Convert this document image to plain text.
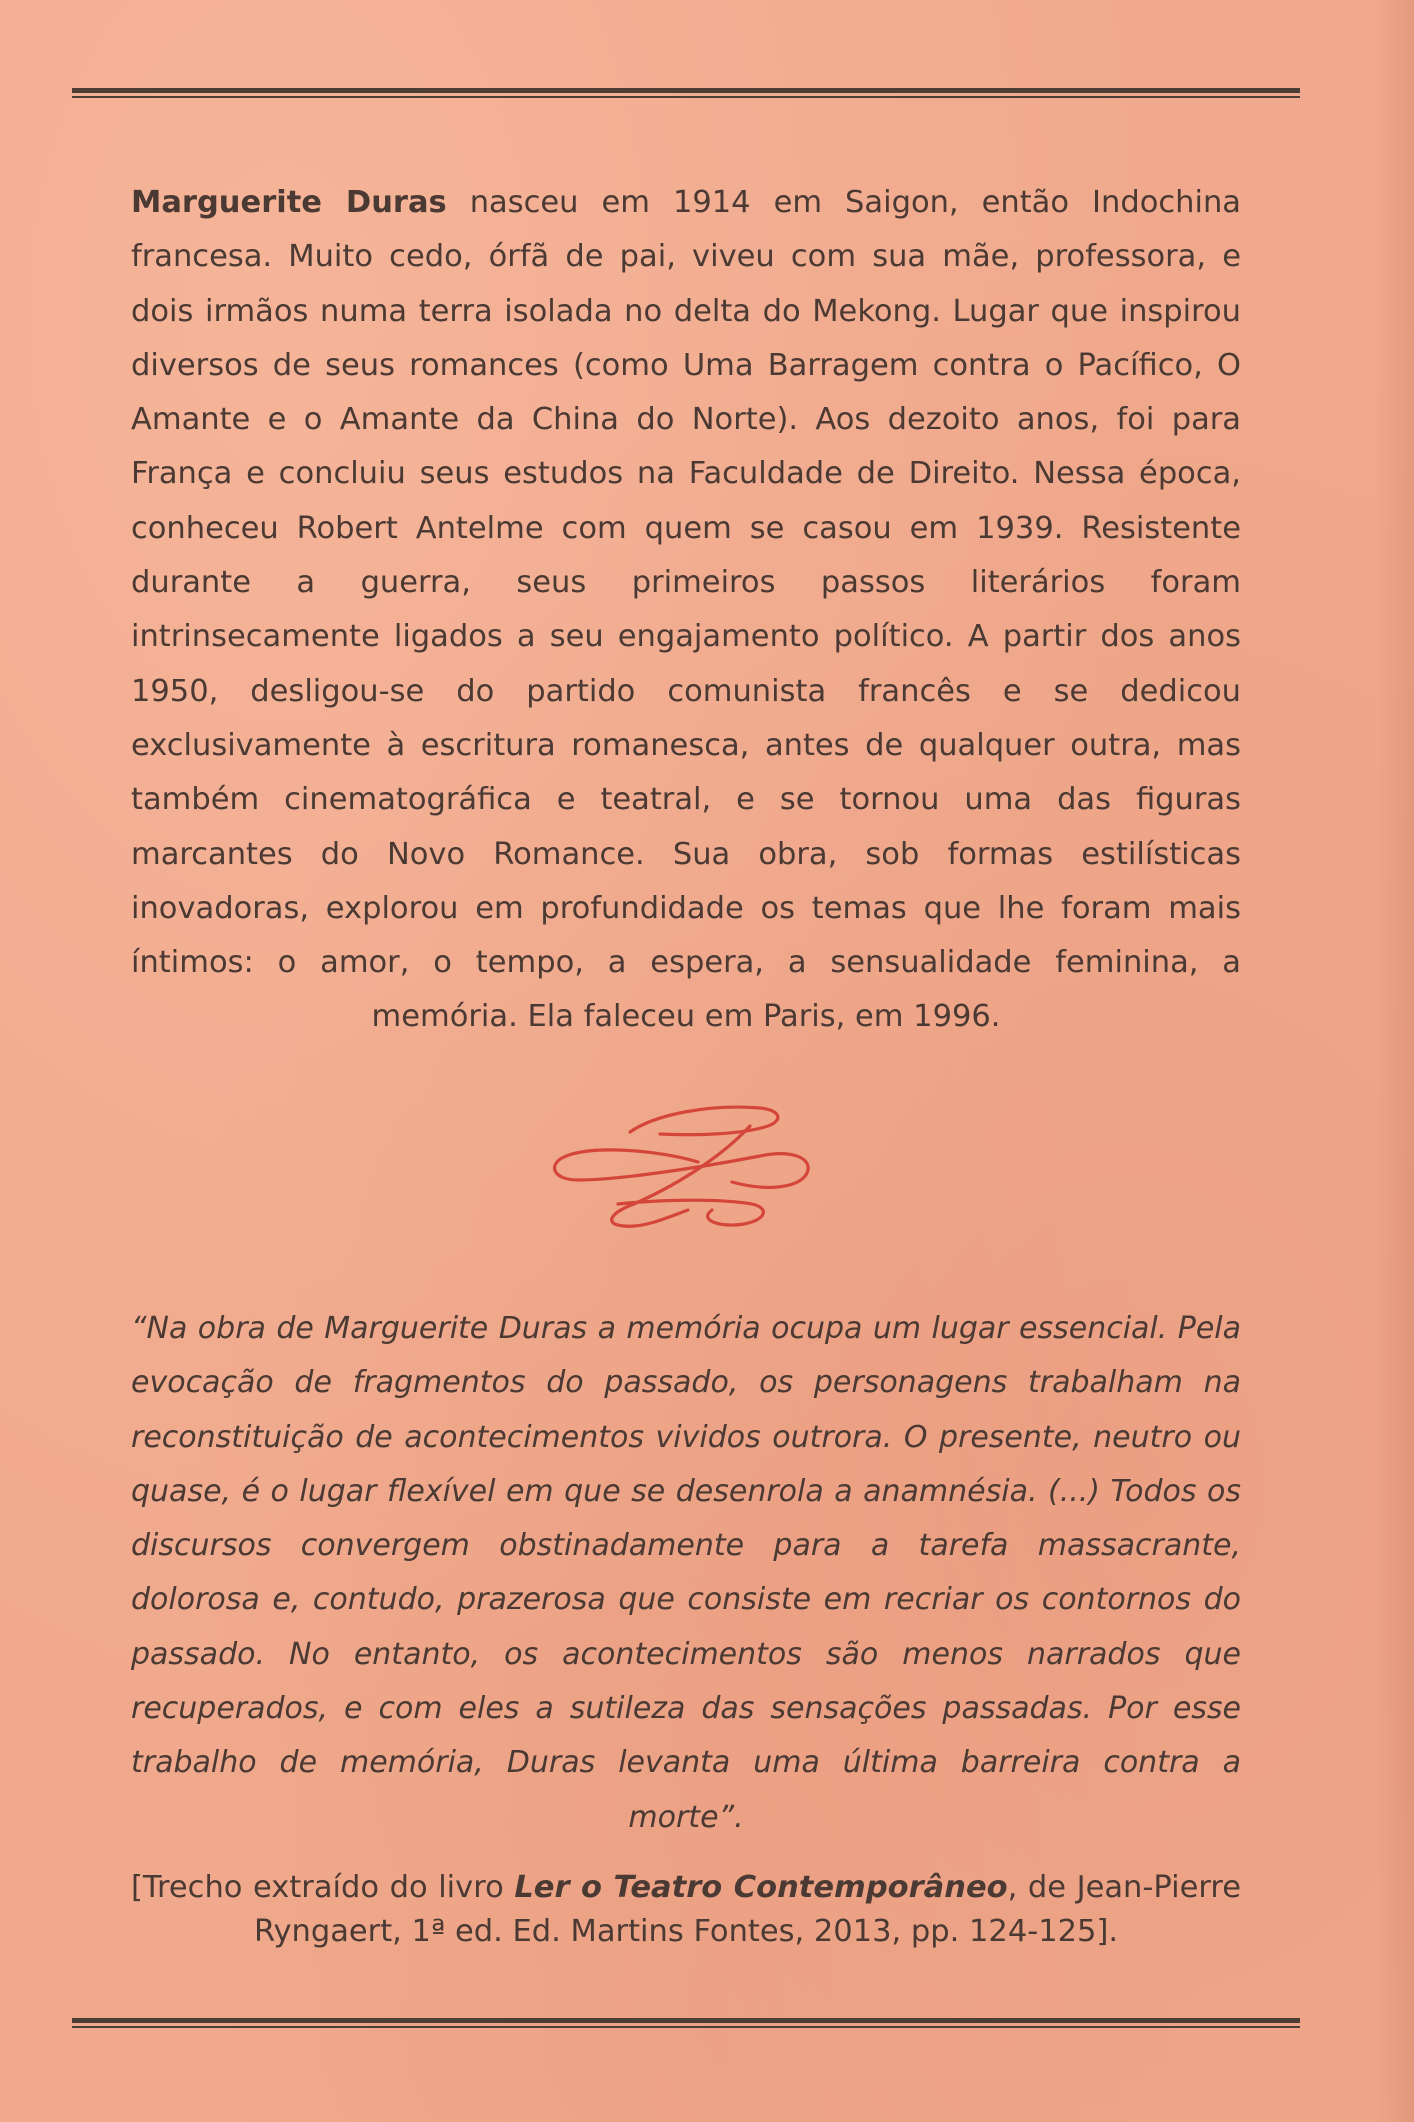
Marguerite Duras nasceu em 1914 em Saigon, então Indochina francesa. Muito cedo, órfã de pai, viveu com sua mãe, professora, e dois irmãos numa terra isolada no delta do Mekong. Lugar que inspirou diversos de seus romances (como Uma Barragem contra o Pacífico, O Amante e o Amante da China do Norte). Aos dezoito anos, foi para França e concluiu seus estudos na Faculdade de Direito. Nessa época, conheceu Robert Antelme com quem se casou em 1939. Resistente durante a guerra, seus primeiros passos literários foram intrinsecamente ligados a seu engajamento político. A partir dos anos 1950, desligou-se do partido comunista francês e se dedicou exclusivamente à escritura romanesca, antes de qualquer outra, mas também cinematográfica e teatral, e se tornou uma das figuras marcantes do Novo Romance. Sua obra, sob formas estilísticas inovadoras, explorou em profundidade os temas que lhe foram mais íntimos: o amor, o tempo, a espera, a sensualidade feminina, a memória. Ela faleceu em Paris, em 1996.

“Na obra de Marguerite Duras a memória ocupa um lugar essencial. Pela evocação de fragmentos do passado, os personagens trabalham na reconstituição de acontecimentos vividos outrora. O presente, neutro ou quase, é o lugar flexível em que se desenrola a anamnésia. (...) Todos os discursos convergem obstinadamente para a tarefa massacrante, dolorosa e, contudo, prazerosa que consiste em recriar os contornos do passado. No entanto, os acontecimentos são menos narrados que recuperados, e com eles a sutileza das sensações passadas. Por esse trabalho de memória, Duras levanta uma última barreira contra a morte”.

[Trecho extraído do livro Ler o Teatro Contemporâneo, de Jean-Pierre Ryngaert, 1ª ed. Ed. Martins Fontes, 2013, pp. 124-125].
